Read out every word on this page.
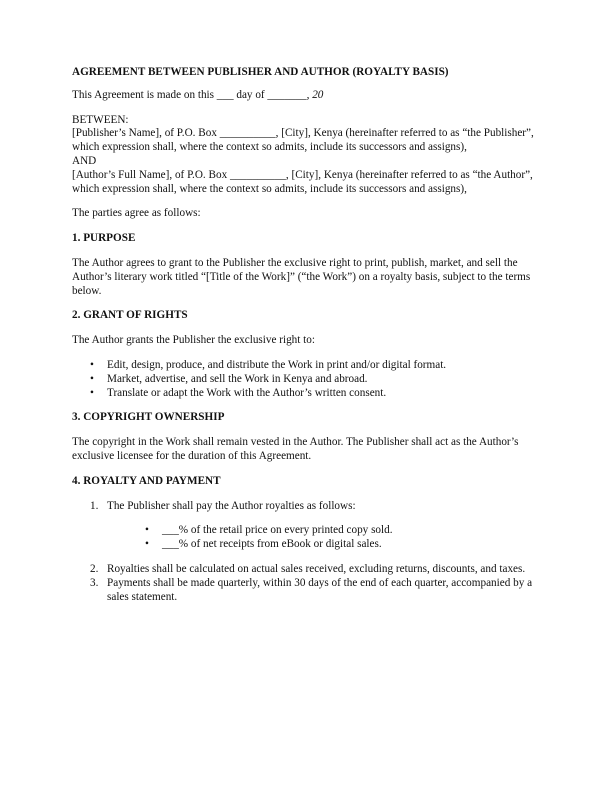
AGREEMENT BETWEEN PUBLISHER AND AUTHOR (ROYALTY BASIS)

This Agreement is made on this ___ day of _______, 20

BETWEEN:

[Publisher’s Name], of P.O. Box __________, [City], Kenya (hereinafter referred to as “the Publisher”, which expression shall, where the context so admits, include its successors and assigns),

AND

[Author’s Full Name], of P.O. Box __________, [City], Kenya (hereinafter referred to as “the Author”, which expression shall, where the context so admits, include its successors and assigns),

The parties agree as follows:

1. PURPOSE

The Author agrees to grant to the Publisher the exclusive right to print, publish, market, and sell the Author’s literary work titled “[Title of the Work]” (“the Work”) on a royalty basis, subject to the terms below.

2. GRANT OF RIGHTS

The Author grants the Publisher the exclusive right to:

• Edit, design, produce, and distribute the Work in print and/or digital format.
• Market, advertise, and sell the Work in Kenya and abroad.
• Translate or adapt the Work with the Author’s written consent.

3. COPYRIGHT OWNERSHIP

The copyright in the Work shall remain vested in the Author. The Publisher shall act as the Author’s exclusive licensee for the duration of this Agreement.

4. ROYALTY AND PAYMENT

1. The Publisher shall pay the Author royalties as follows:
• ___% of the retail price on every printed copy sold.
• ___% of net receipts from eBook or digital sales.
2. Royalties shall be calculated on actual sales received, excluding returns, discounts, and taxes.
3. Payments shall be made quarterly, within 30 days of the end of each quarter, accompanied by a sales statement.
